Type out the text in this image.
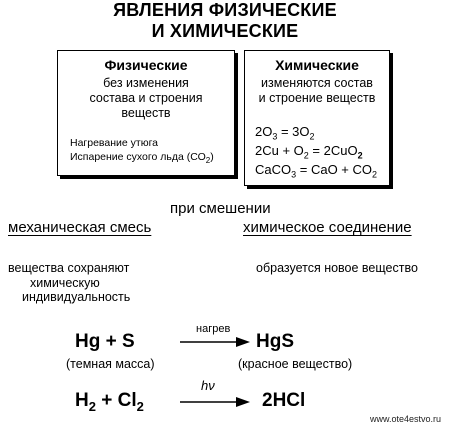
ЯВЛЕНИЯ ФИЗИЧЕСКИЕ
И ХИМИЧЕСКИЕ
Физические
без изменения
состава и строения
веществ
Нагревание утюга
Испарение сухого льда $(СО_2)$
Химические
изменяются состав
и строение веществ
$2O_3 = 3O_2$
$2Cu + O_2 = 2CuO_2$
CaCO$_3$ = CaO + $CO_2$
при смешении
механическая смесь	химическое соединение
вещества сохраняют
химическую
индивидуальность
образуется новое вещество
Hg + S
нагрев
HgS
(темная масса)	(красное вещество)
hν
$H_2 + Cl_2$	2HCl
www.ote4estvo.ru
